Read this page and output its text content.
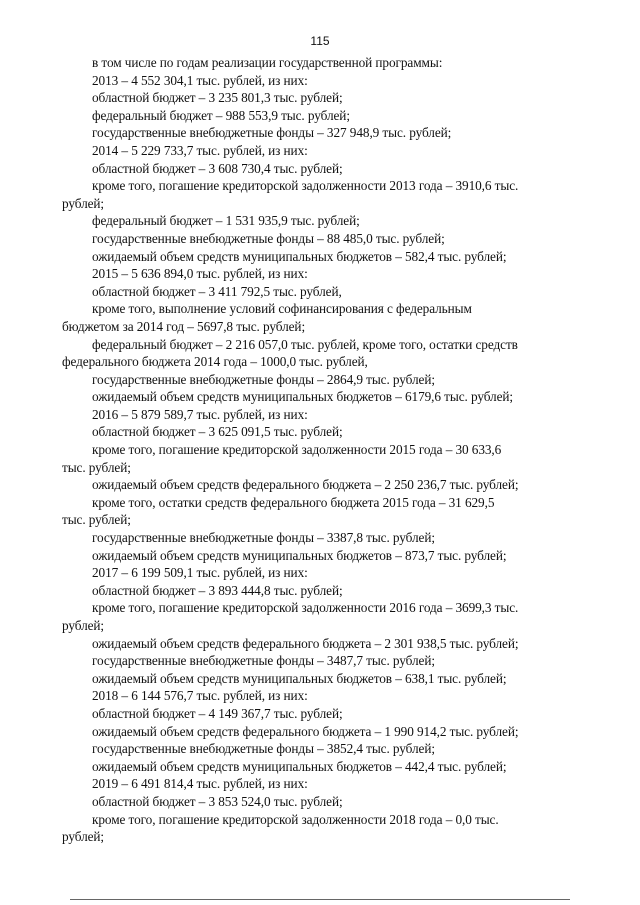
115
в том числе по годам реализации государственной программы:
2013 – 4 552 304,1 тыс. рублей, из них:
областной бюджет – 3 235 801,3 тыс. рублей;
федеральный бюджет – 988 553,9 тыс. рублей;
государственные внебюджетные фонды – 327 948,9 тыс. рублей;
2014 – 5 229 733,7 тыс. рублей, из них:
областной бюджет – 3 608 730,4 тыс. рублей;
кроме того, погашение кредиторской задолженности 2013 года – 3910,6 тыс.
рублей;
федеральный бюджет – 1 531 935,9 тыс. рублей;
государственные внебюджетные фонды – 88 485,0 тыс. рублей;
ожидаемый объем средств муниципальных бюджетов – 582,4 тыс. рублей;
2015 – 5 636 894,0 тыс. рублей, из них:
областной бюджет – 3 411 792,5 тыс. рублей,
кроме того, выполнение условий софинансирования с федеральным
бюджетом за 2014 год – 5697,8 тыс. рублей;
федеральный бюджет – 2 216 057,0 тыс. рублей, кроме того, остатки средств
федерального бюджета 2014 года – 1000,0 тыс. рублей,
государственные внебюджетные фонды – 2864,9 тыс. рублей;
ожидаемый объем средств муниципальных бюджетов – 6179,6 тыс. рублей;
2016 – 5 879 589,7 тыс. рублей, из них:
областной бюджет – 3 625 091,5 тыс. рублей;
кроме того, погашение кредиторской задолженности 2015 года – 30 633,6
тыс. рублей;
ожидаемый объем средств федерального бюджета – 2 250 236,7 тыс. рублей;
кроме того, остатки средств федерального бюджета 2015 года – 31 629,5
тыс. рублей;
государственные внебюджетные фонды – 3387,8 тыс. рублей;
ожидаемый объем средств муниципальных бюджетов – 873,7 тыс. рублей;
2017 – 6 199 509,1 тыс. рублей, из них:
областной бюджет – 3 893 444,8 тыс. рублей;
кроме того, погашение кредиторской задолженности 2016 года – 3699,3 тыс.
рублей;
ожидаемый объем средств федерального бюджета – 2 301 938,5 тыс. рублей;
государственные внебюджетные фонды – 3487,7 тыс. рублей;
ожидаемый объем средств муниципальных бюджетов – 638,1 тыс. рублей;
2018 – 6 144 576,7 тыс. рублей, из них:
областной бюджет – 4 149 367,7 тыс. рублей;
ожидаемый объем средств федерального бюджета – 1 990 914,2 тыс. рублей;
государственные внебюджетные фонды – 3852,4 тыс. рублей;
ожидаемый объем средств муниципальных бюджетов – 442,4 тыс. рублей;
2019 – 6 491 814,4 тыс. рублей, из них:
областной бюджет – 3 853 524,0 тыс. рублей;
кроме того, погашение кредиторской задолженности 2018 года – 0,0 тыс.
рублей;
